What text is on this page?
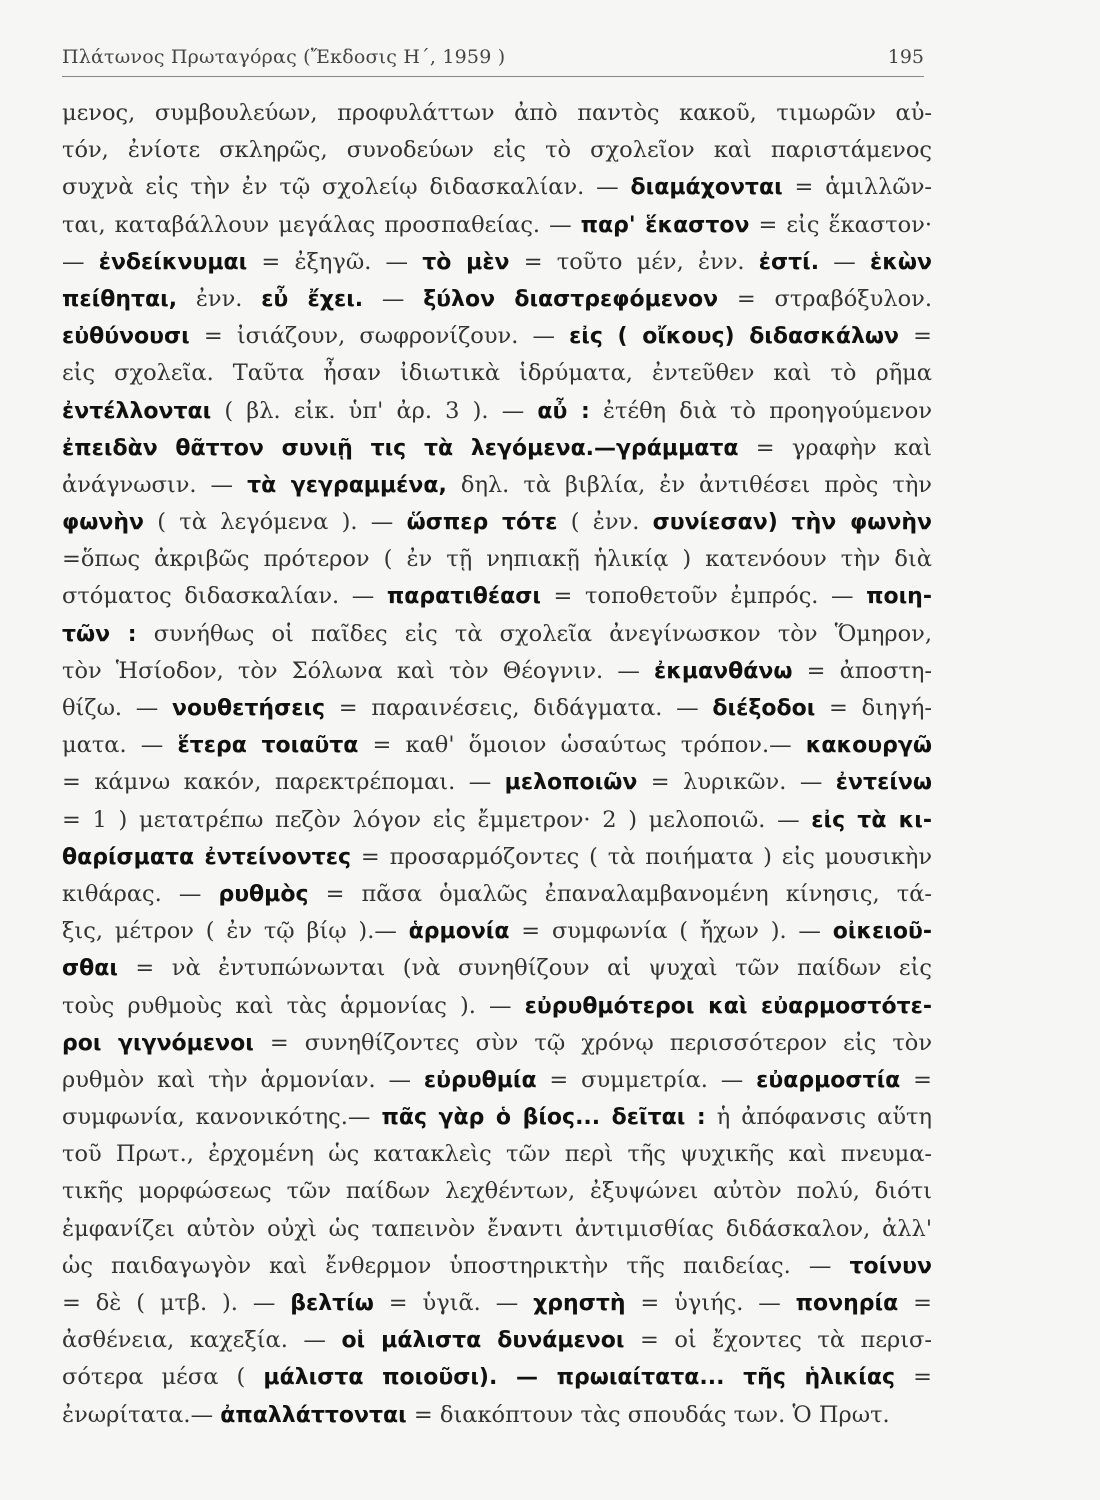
Πλάτωνος Πρωταγόρας (Ἔκδοσις Η΄, 1959 )	195
μενος, συμβουλεύων, προφυλάττων ἀπὸ παντὸς κακοῦ, τιμωρῶν αὐ-
τόν, ἐνίοτε σκληρῶς, συνοδεύων εἰς τὸ σχολεῖον καὶ παριστάμενος
συχνὰ εἰς τὴν ἐν τῷ σχολείῳ διδασκαλίαν. — διαμάχονται = ἁμιλλῶν-
ται, καταβάλλουν μεγάλας προσπαθείας. — παρ' ἕκαστον = εἰς ἕκαστον·
— ἐνδείκνυμαι = ἐξηγῶ. — τὸ μὲν = τοῦτο μέν, ἐνν. ἐστί. — ἑκὼν
πείθηται, ἐνν. εὖ ἔχει. — ξύλον διαστρεφόμενον = στραβόξυλον.
εὐθύνουσι = ἰσιάζουν, σωφρονίζουν. — εἰς ( οἴκους) διδασκάλων =
εἰς σχολεῖα. Ταῦτα ἦσαν ἰδιωτικὰ ἱδρύματα, ἐντεῦθεν καὶ τὸ ρῆμα
ἐντέλλονται ( βλ. εἰκ. ὑπ' ἀρ. 3 ). — αὖ : ἐτέθη διὰ τὸ προηγούμενον
ἐπειδὰν θᾶττον συνιῇ τις τὰ λεγόμενα.—γράμματα = γραφὴν καὶ
ἀνάγνωσιν. — τὰ γεγραμμένα, δηλ. τὰ βιβλία, ἐν ἀντιθέσει πρὸς τὴν
φωνὴν ( τὰ λεγόμενα ). — ὥσπερ τότε ( ἐνν. συνίεσαν) τὴν φωνὴν
=ὅπως ἀκριβῶς πρότερον ( ἐν τῇ νηπιακῇ ἡλικίᾳ ) κατενόουν τὴν διὰ
στόματος διδασκαλίαν. — παρατιθέασι = τοποθετοῦν ἐμπρός. — ποιη-
τῶν : συνήθως οἱ παῖδες εἰς τὰ σχολεῖα ἀνεγίνωσκον τὸν Ὅμηρον,
τὸν Ἡσίοδον, τὸν Σόλωνα καὶ τὸν Θέογνιν. — ἐκμανθάνω = ἀποστη-
θίζω. — νουθετήσεις = παραινέσεις, διδάγματα. — διέξοδοι = διηγή-
ματα. — ἕτερα τοιαῦτα = καθ' ὅμοιον ὡσαύτως τρόπον.— κακουργῶ
= κάμνω κακόν, παρεκτρέπομαι. — μελοποιῶν = λυρικῶν. — ἐντείνω
= 1 ) μετατρέπω πεζὸν λόγον εἰς ἔμμετρον· 2 ) μελοποιῶ. — εἰς τὰ κι-
θαρίσματα ἐντείνοντες = προσαρμόζοντες ( τὰ ποιήματα ) εἰς μουσικὴν
κιθάρας. — ρυθμὸς = πᾶσα ὁμαλῶς ἐπαναλαμβανομένη κίνησις, τά-
ξις, μέτρον ( ἐν τῷ βίῳ ).— ἁρμονία = συμφωνία ( ἤχων ). — οἰκειοῦ-
σθαι = νὰ ἐντυπώνωνται (νὰ συνηθίζουν αἱ ψυχαὶ τῶν παίδων εἰς
τοὺς ρυθμοὺς καὶ τὰς ἁρμονίας ). — εὐρυθμότεροι καὶ εὐαρμοστότε-
ροι γιγνόμενοι = συνηθίζοντες σὺν τῷ χρόνῳ περισσότερον εἰς τὸν
ρυθμὸν καὶ τὴν ἁρμονίαν. — εὐρυθμία = συμμετρία. — εὐαρμοστία =
συμφωνία, κανονικότης.— πᾶς γὰρ ὁ βίος... δεῖται : ἡ ἀπόφανσις αὕτη
τοῦ Πρωτ., ἐρχομένη ὡς κατακλεὶς τῶν περὶ τῆς ψυχικῆς καὶ πνευμα-
τικῆς μορφώσεως τῶν παίδων λεχθέντων, ἐξυψώνει αὐτὸν πολύ, διότι
ἐμφανίζει αὐτὸν οὐχὶ ὡς ταπεινὸν ἔναντι ἀντιμισθίας διδάσκαλον, ἀλλ'
ὡς παιδαγωγὸν καὶ ἔνθερμον ὑποστηρικτὴν τῆς παιδείας. — τοίνυν
= δὲ ( μτβ. ). — βελτίω = ὑγιᾶ. — χρηστὴ = ὑγιής. — πονηρία =
ἀσθένεια, καχεξία. — οἱ μάλιστα δυνάμενοι = οἱ ἔχοντες τὰ περισ-
σότερα μέσα ( μάλιστα ποιοῦσι). — πρωιαίτατα... τῆς ἡλικίας =
ἐνωρίτατα.— ἀπαλλάττονται = διακόπτουν τὰς σπουδάς των. Ὁ Πρωτ.
